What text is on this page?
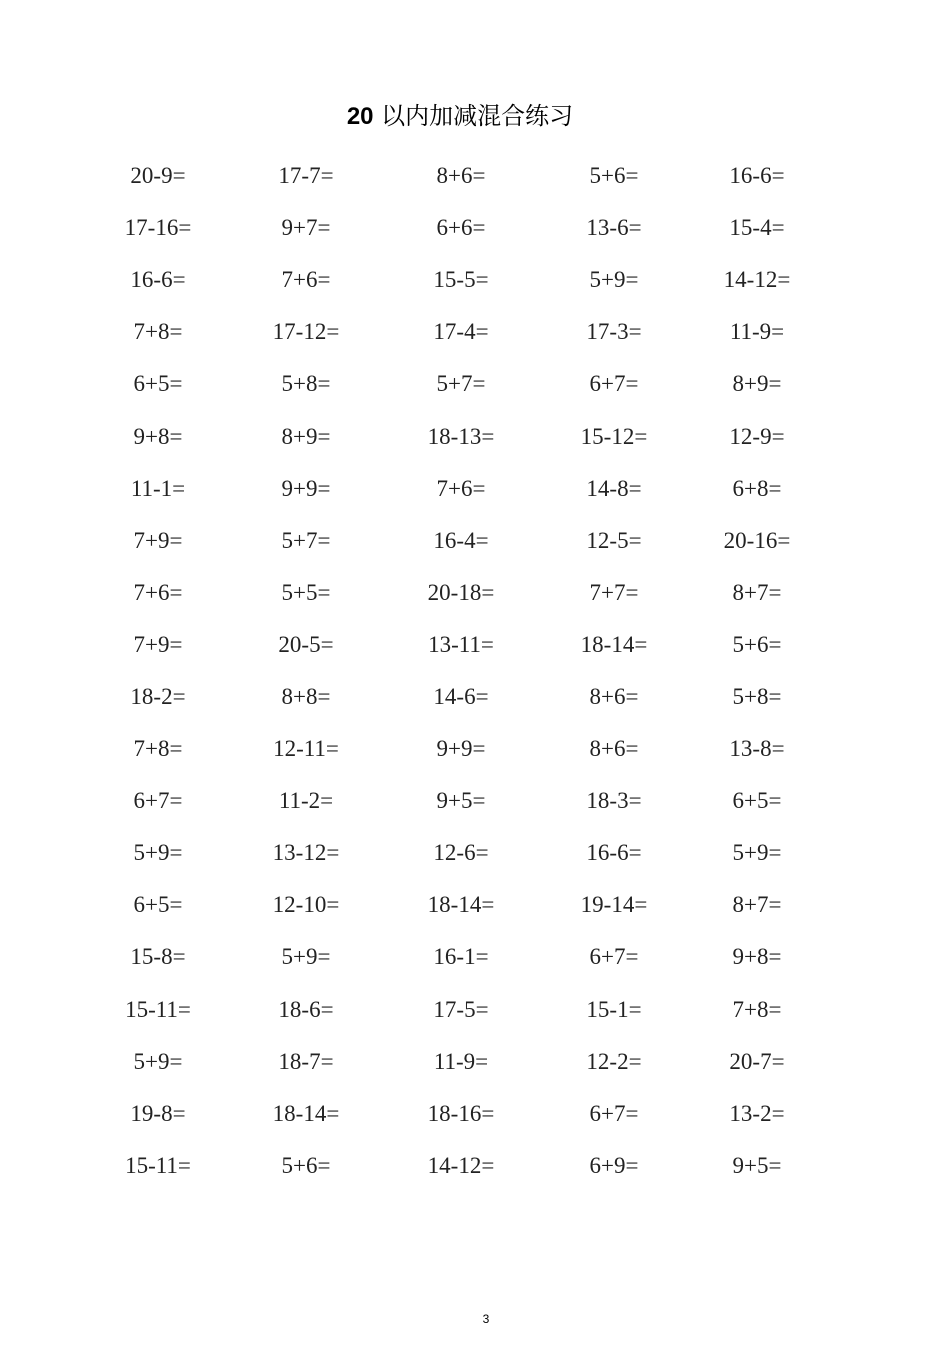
20 以内加减混合练习
20-9=	17-7=	8+6=	5+6=	16-6=
17-16=	9+7=	6+6=	13-6=	15-4=
16-6=	7+6=	15-5=	5+9=	14-12=
7+8=	17-12=	17-4=	17-3=	11-9=
6+5=	5+8=	5+7=	6+7=	8+9=
9+8=	8+9=	18-13=	15-12=	12-9=
11-1=	9+9=	7+6=	14-8=	6+8=
7+9=	5+7=	16-4=	12-5=	20-16=
7+6=	5+5=	20-18=	7+7=	8+7=
7+9=	20-5=	13-11=	18-14=	5+6=
18-2=	8+8=	14-6=	8+6=	5+8=
7+8=	12-11=	9+9=	8+6=	13-8=
6+7=	11-2=	9+5=	18-3=	6+5=
5+9=	13-12=	12-6=	16-6=	5+9=
6+5=	12-10=	18-14=	19-14=	8+7=
15-8=	5+9=	16-1=	6+7=	9+8=
15-11=	18-6=	17-5=	15-1=	7+8=
5+9=	18-7=	11-9=	12-2=	20-7=
19-8=	18-14=	18-16=	6+7=	13-2=
15-11=	5+6=	14-12=	6+9=	9+5=
3
